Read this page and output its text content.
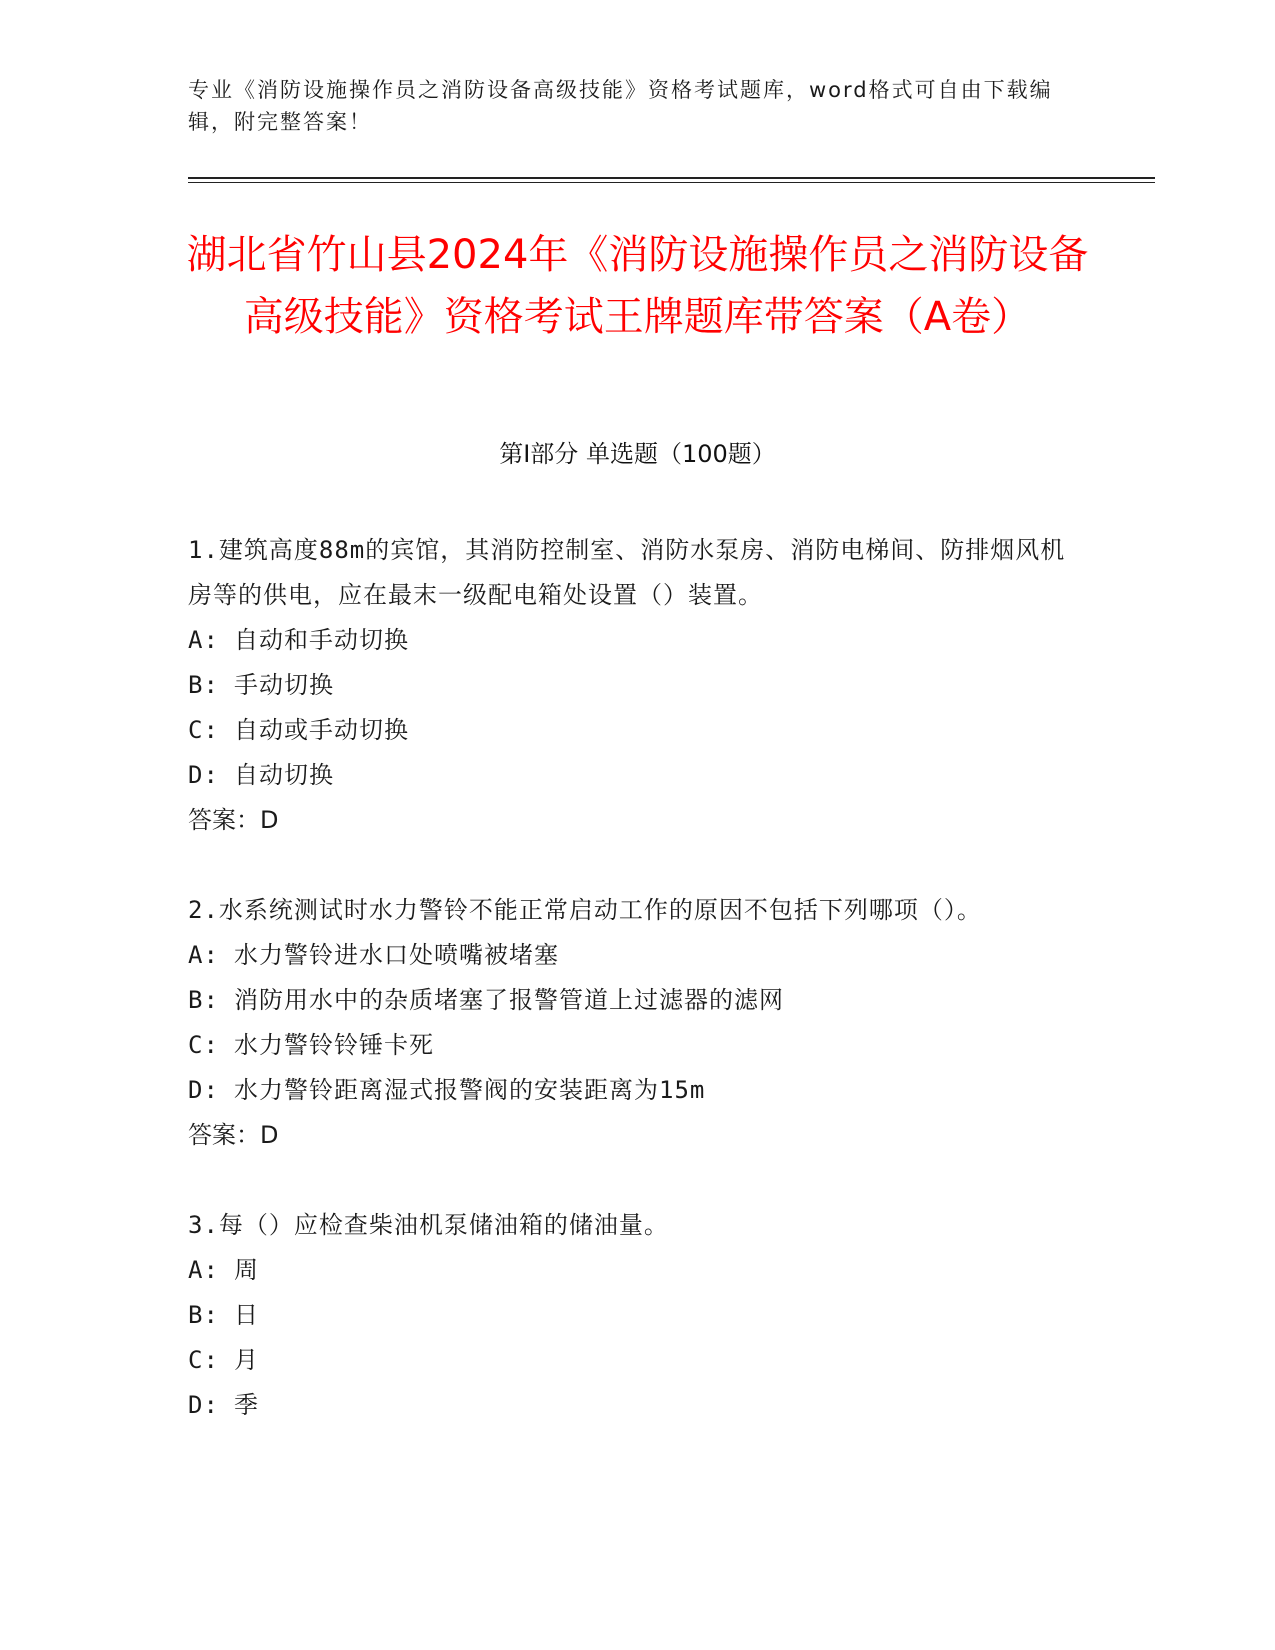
专业《消防设施操作员之消防设备高级技能》资格考试题库，word格式可自由下载编辑，附完整答案！
湖北省竹山县2024年《消防设施操作员之消防设备高级技能》资格考试王牌题库带答案（A卷）
第I部分 单选题（100题）

1.建筑高度88m的宾馆，其消防控制室、消防水泵房、消防电梯间、防排烟风机房等的供电，应在最末一级配电箱处设置（）装置。

A: 自动和手动切换

B: 手动切换

C: 自动或手动切换

D: 自动切换

答案：D

2.水系统测试时水力警铃不能正常启动工作的原因不包括下列哪项（）。

A: 水力警铃进水口处喷嘴被堵塞

B: 消防用水中的杂质堵塞了报警管道上过滤器的滤网

C: 水力警铃铃锤卡死

D: 水力警铃距离湿式报警阀的安装距离为15m

答案：D

3.每（）应检查柴油机泵储油箱的储油量。

A: 周

B: 日

C: 月

D: 季
